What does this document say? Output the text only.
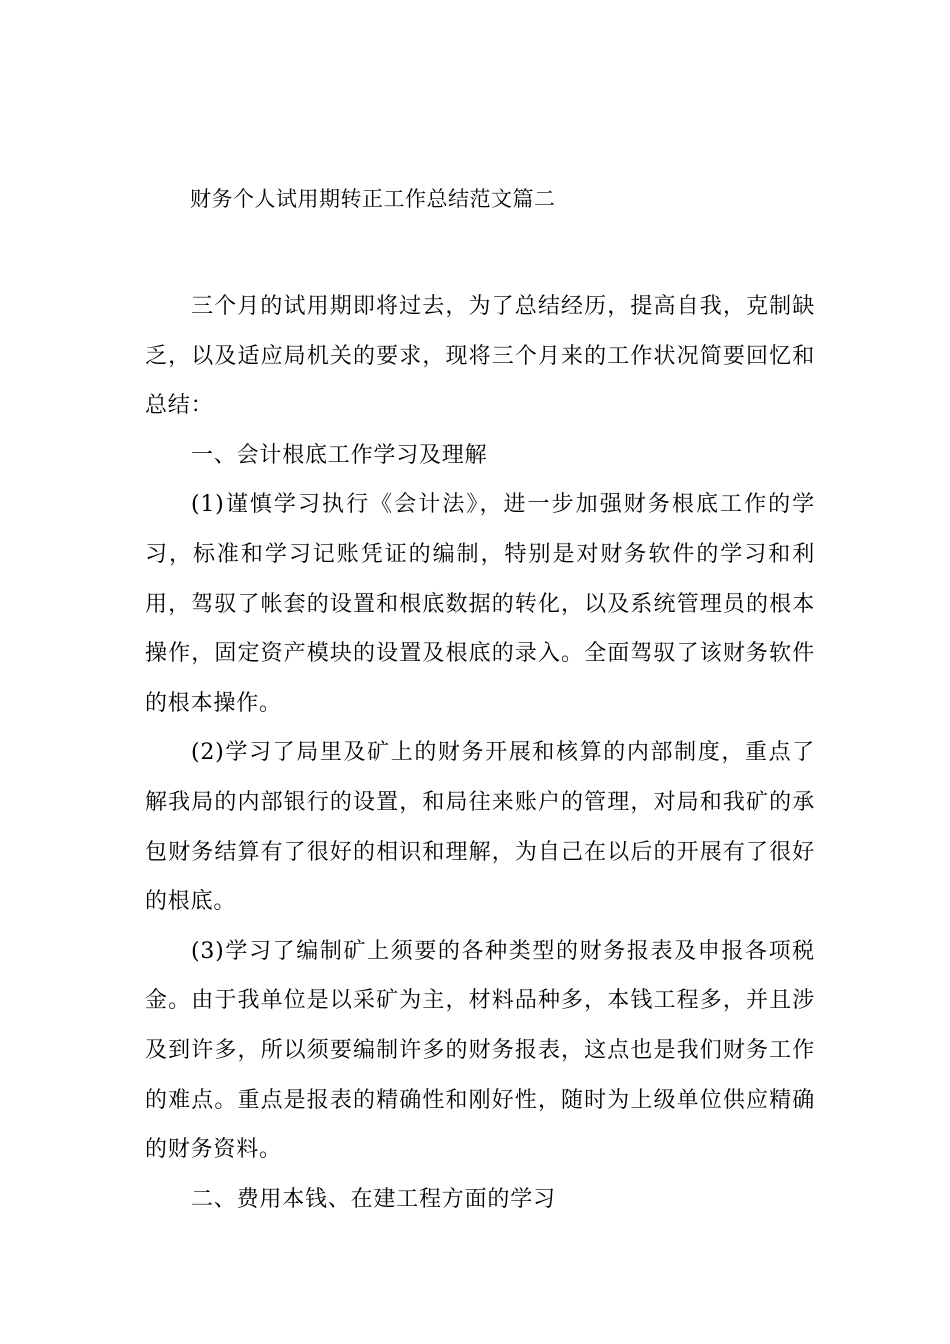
财务个人试用期转正工作总结范文篇二

三个月的试用期即将过去，为了总结经历，提高自我，克制缺乏，以及适应局机关的要求，现将三个月来的工作状况简要回忆和总结：

一、会计根底工作学习及理解

(1)谨慎学习执行《会计法》，进一步加强财务根底工作的学习，标准和学习记账凭证的编制，特别是对财务软件的学习和利用，驾驭了帐套的设置和根底数据的转化，以及系统管理员的根本操作，固定资产模块的设置及根底的录入。全面驾驭了该财务软件的根本操作。

(2)学习了局里及矿上的财务开展和核算的内部制度，重点了解我局的内部银行的设置，和局往来账户的管理，对局和我矿的承包财务结算有了很好的相识和理解，为自己在以后的开展有了很好的根底。

(3)学习了编制矿上须要的各种类型的财务报表及申报各项税金。由于我单位是以采矿为主，材料品种多，本钱工程多，并且涉及到许多，所以须要编制许多的财务报表，这点也是我们财务工作的难点。重点是报表的精确性和刚好性，随时为上级单位供应精确的财务资料。

二、费用本钱、在建工程方面的学习
